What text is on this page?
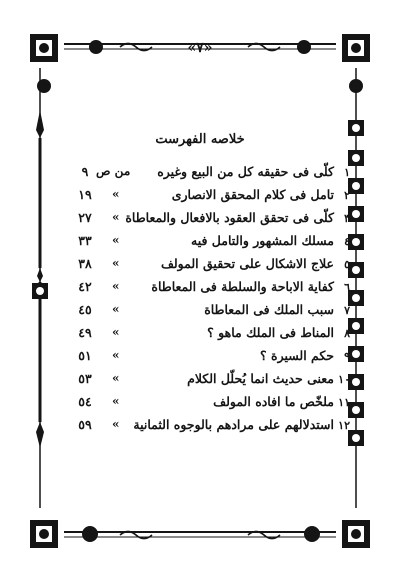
«٧»
خلاصه الفهرست
١
كلّى فى حقيقه كل من البيع وغيره
من ص
٩
٢
تامل فى كلام المحقق الانصارى
»
١٩
٣
كلّى فى تحقق العقود بالافعال والمعاطاة
»
٢٧
٤
مسلك المشهور والتامل فيه
»
٣٣
٥
علاج الاشكال على تحقيق المولف
»
٣٨
٦
كفاية الاباحة والسلطة فى المعاطاة
»
٤٢
٧
سبب الملك فى المعاطاة
»
٤٥
٨
المناط فى الملك ماهو ؟
»
٤٩
٩
حكم السيرة ؟
»
٥١
١٠
معنى حديث انما يُحلّل الكلام
»
٥٣
١١
ملخّص ما افاده المولف
»
٥٤
١٢
استدلالهم على مرادهم بالوجوه الثمانية
»
٥٩
